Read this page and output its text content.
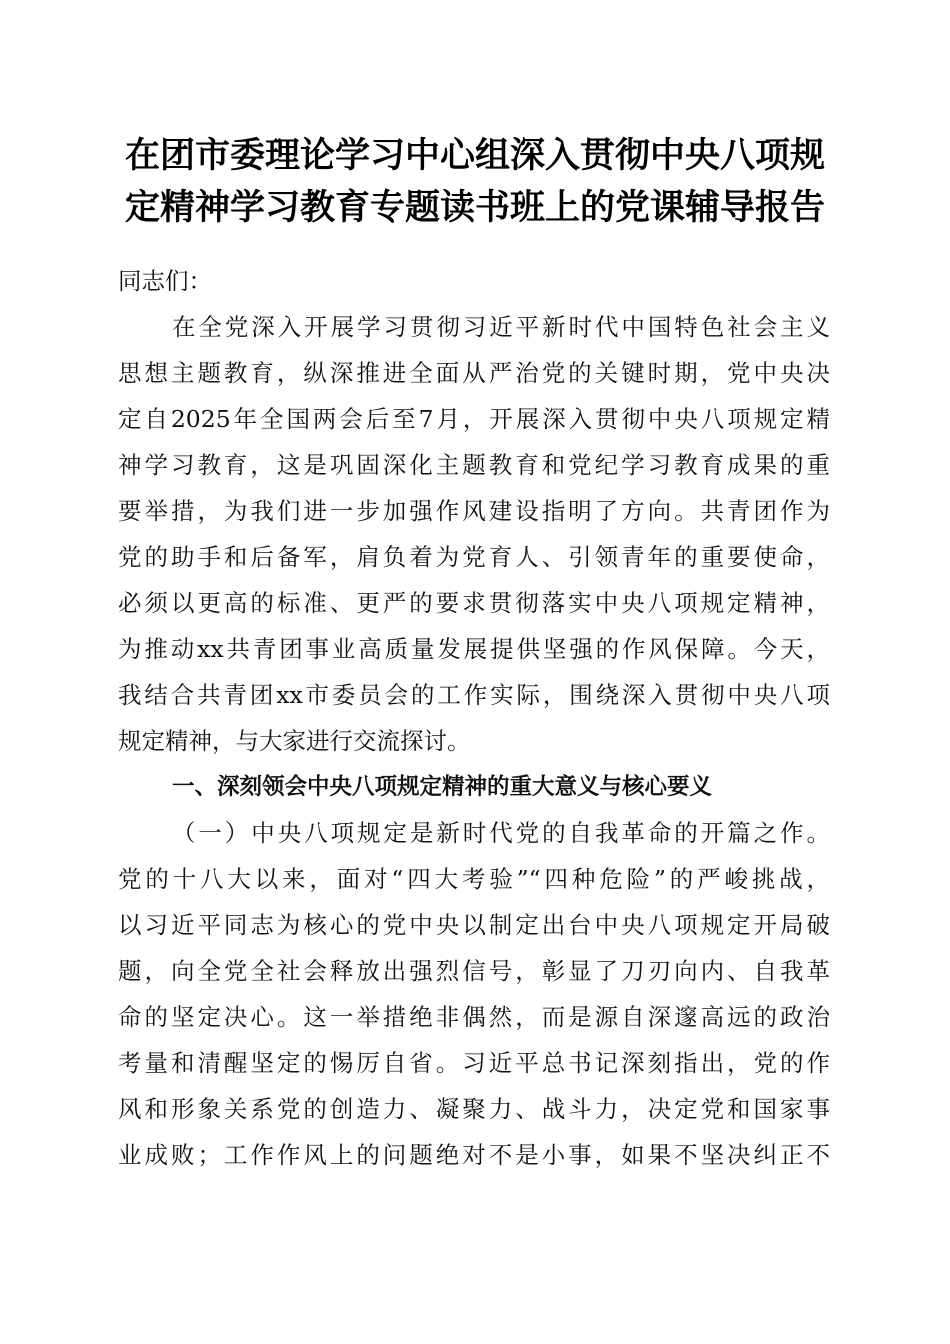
在团市委理论学习中心组深入贯彻中央八项规
定精神学习教育专题读书班上的党课辅导报告
同志们：
在全党深入开展学习贯彻习近平新时代中国特色社会主义
思想主题教育，纵深推进全面从严治党的关键时期，党中央决
定自2025年全国两会后至7月，开展深入贯彻中央八项规定精
神学习教育，这是巩固深化主题教育和党纪学习教育成果的重
要举措，为我们进一步加强作风建设指明了方向。共青团作为
党的助手和后备军，肩负着为党育人、引领青年的重要使命，
必须以更高的标准、更严的要求贯彻落实中央八项规定精神，
为推动xx共青团事业高质量发展提供坚强的作风保障。今天，
我结合共青团xx市委员会的工作实际，围绕深入贯彻中央八项
规定精神，与大家进行交流探讨。
一、深刻领会中央八项规定精神的重大意义与核心要义
（一）中央八项规定是新时代党的自我革命的开篇之作。
党的十八大以来，面对“四大考验”“四种危险”的严峻挑战，
以习近平同志为核心的党中央以制定出台中央八项规定开局破
题，向全党全社会释放出强烈信号，彰显了刀刃向内、自我革
命的坚定决心。这一举措绝非偶然，而是源自深邃高远的政治
考量和清醒坚定的惕厉自省。习近平总书记深刻指出，党的作
风和形象关系党的创造力、凝聚力、战斗力，决定党和国家事
业成败；工作作风上的问题绝对不是小事，如果不坚决纠正不
